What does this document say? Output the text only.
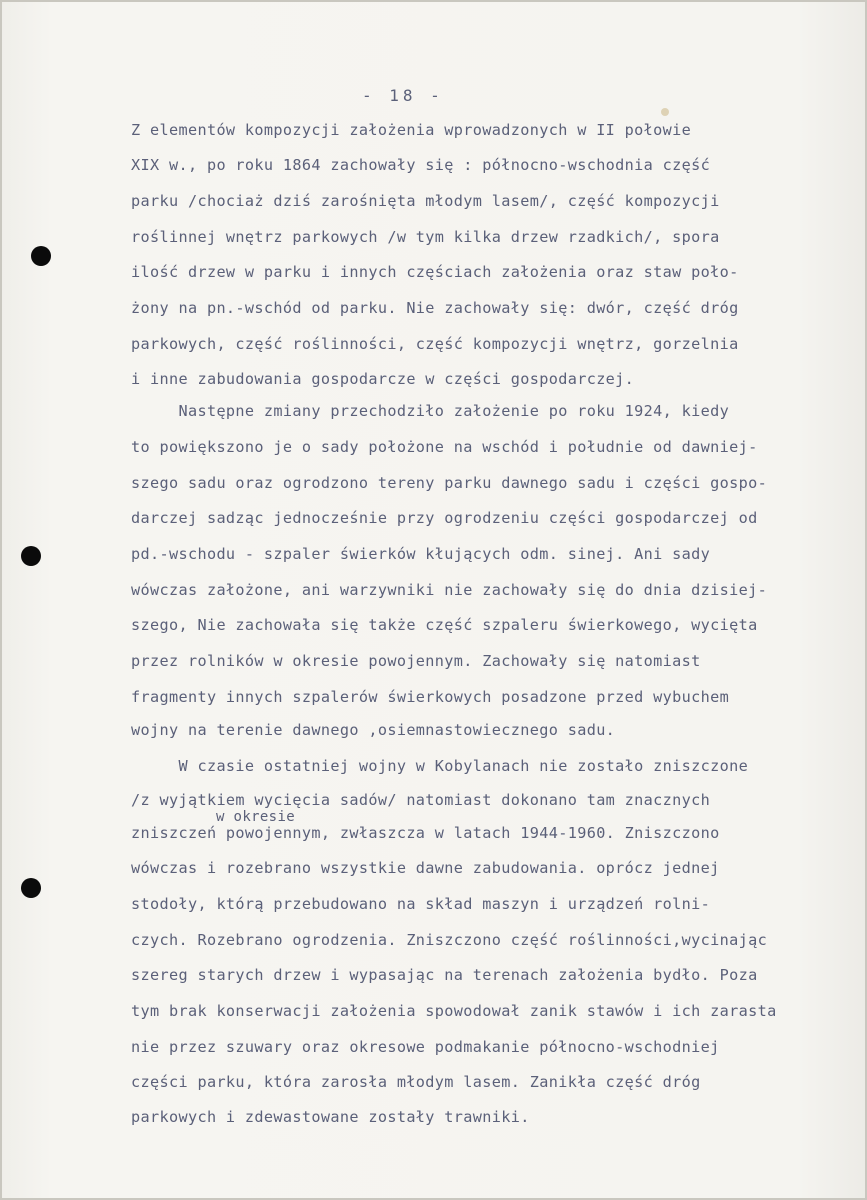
- 18 -
Z elementów kompozycji założenia wprowadzonych w II połowie
XIX w., po roku 1864 zachowały się : północno-wschodnia część
parku /chociaż dziś zarośnięta młodym lasem/, część kompozycji
roślinnej wnętrz parkowych /w tym kilka drzew rzadkich/, spora
ilość drzew w parku i innych częściach założenia oraz staw poło-
żony na pn.-wschód od parku. Nie zachowały się: dwór, część dróg
parkowych, część roślinności, część kompozycji wnętrz, gorzelnia
i inne zabudowania gospodarcze w części gospodarczej.
Następne zmiany przechodziło założenie po roku 1924, kiedy
to powiększono je o sady położone na wschód i południe od dawniej-
szego sadu oraz ogrodzono tereny parku dawnego sadu i części gospo-
darczej sadząc jednocześnie przy ogrodzeniu części gospodarczej od
pd.-wschodu - szpaler świerków kłujących odm. sinej. Ani sady
wówczas założone, ani warzywniki nie zachowały się do dnia dzisiej-
szego, Nie zachowała się także część szpaleru świerkowego, wycięta
przez rolników w okresie powojennym. Zachowały się natomiast
fragmenty innych szpalerów świerkowych posadzone przed wybuchem
wojny na terenie dawnego ,osiemnastowiecznego sadu.
W czasie ostatniej wojny w Kobylanach nie zostało zniszczone
/z wyjątkiem wycięcia sadów/ natomiast dokonano tam znacznych
w okresie
zniszczeń powojennym, zwłaszcza w latach 1944-1960. Zniszczono
wówczas i rozebrano wszystkie dawne zabudowania. oprócz jednej
stodoły, którą przebudowano na skład maszyn i urządzeń rolni-
czych. Rozebrano ogrodzenia. Zniszczono część roślinności,wycinając
szereg starych drzew i wypasając na terenach założenia bydło. Poza
tym brak konserwacji założenia spowodował zanik stawów i ich zarasta
nie przez szuwary oraz okresowe podmakanie północno-wschodniej
części parku, która zarosła młodym lasem. Zanikła część dróg
parkowych i zdewastowane zostały trawniki.
